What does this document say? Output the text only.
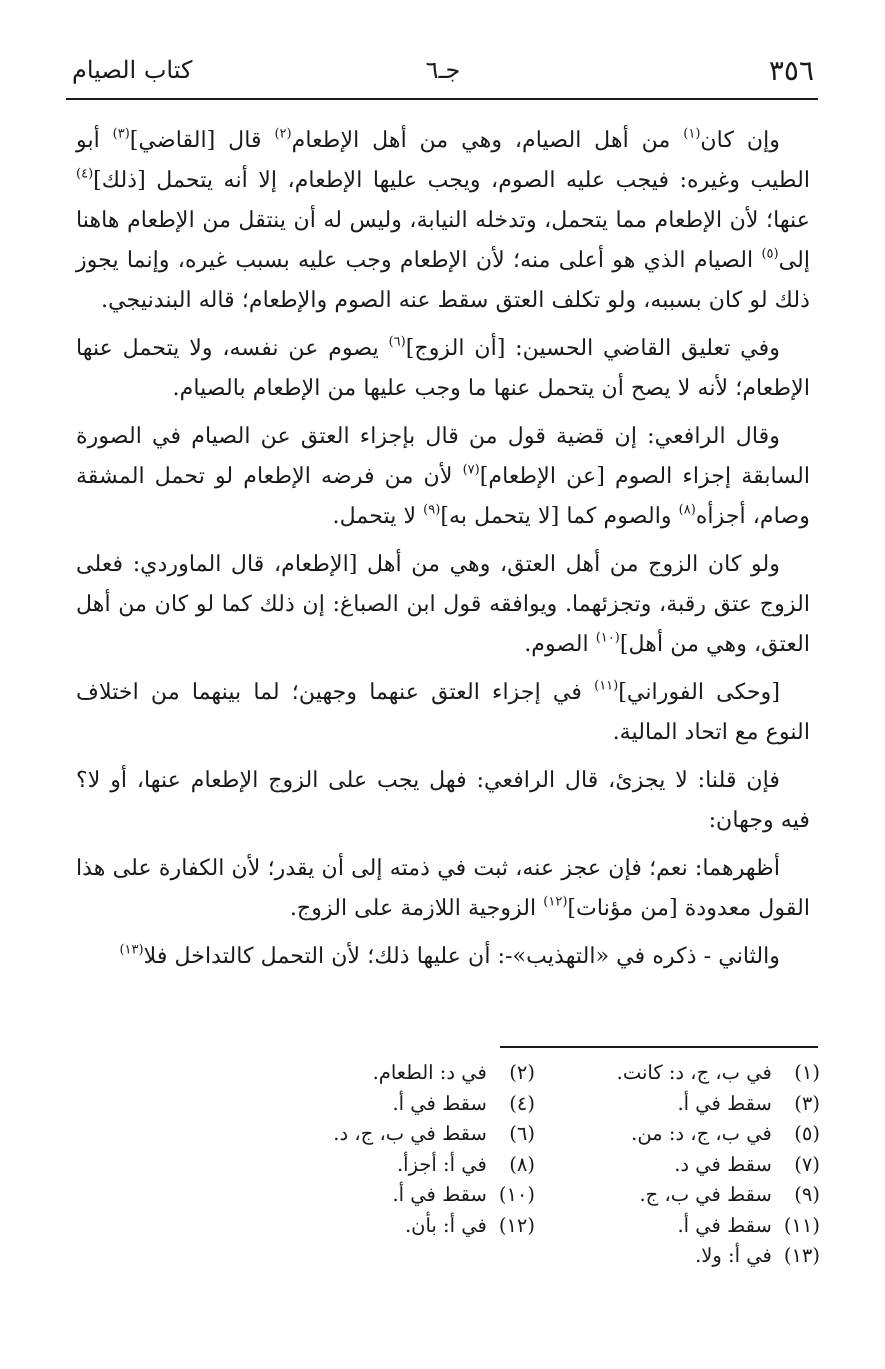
٣٥٦
جـ٦
كتاب الصيام

وإن كان$^{(١)}$ من أهل الصيام، وهي من أهل الإطعام$^{(٢)}$ قال [القاضي]$^{(٣)}$ أبو الطيب وغيره: فيجب عليه الصوم، ويجب عليها الإطعام، إلا أنه يتحمل [ذلك]$^{(٤)}$ عنها؛ لأن الإطعام مما يتحمل، وتدخله النيابة، وليس له أن ينتقل من الإطعام هاهنا إلى$^{(٥)}$ الصيام الذي هو أعلى منه؛ لأن الإطعام وجب عليه بسبب غيره، وإنما يجوز ذلك لو كان بسببه، ولو تكلف العتق سقط عنه الصوم والإطعام؛ قاله البندنيجي.

وفي تعليق القاضي الحسين: [أن الزوج]$^{(٦)}$ يصوم عن نفسه، ولا يتحمل عنها الإطعام؛ لأنه لا يصح أن يتحمل عنها ما وجب عليها من الإطعام بالصيام.

وقال الرافعي: إن قضية قول من قال بإجزاء العتق عن الصيام في الصورة السابقة إجزاء الصوم [عن الإطعام]$^{(٧)}$ لأن من فرضه الإطعام لو تحمل المشقة وصام، أجزأه$^{(٨)}$ والصوم كما [لا يتحمل به]$^{(٩)}$ لا يتحمل.

ولو كان الزوج من أهل العتق، وهي من أهل [الإطعام، قال الماوردي: فعلى الزوج عتق رقبة، وتجزئهما. ويوافقه قول ابن الصباغ: إن ذلك كما لو كان من أهل العتق، وهي من أهل]$^{(١٠)}$ الصوم.

[وحكى الفوراني]$^{(١١)}$ في إجزاء العتق عنهما وجهين؛ لما بينهما من اختلاف النوع مع اتحاد المالية.

فإن قلنا: لا يجزئ، قال الرافعي: فهل يجب على الزوج الإطعام عنها، أو لا؟ فيه وجهان:

أظهرهما: نعم؛ فإن عجز عنه، ثبت في ذمته إلى أن يقدر؛ لأن الكفارة على هذا القول معدودة [من مؤنات]$^{(١٢)}$ الزوجية اللازمة على الزوج.

والثاني - ذكره في «التهذيب»-: أن عليها ذلك؛ لأن التحمل كالتداخل فلا$^{(١٣)}$

(١) في ب، ج، د: كانت.
(٢) في د: الطعام.
(٣) سقط في أ.
(٤) سقط في أ.
(٥) في ب، ج، د: من.
(٦) سقط في ب، ج، د.
(٧) سقط في د.
(٨) في أ: أجزأ.
(٩) سقط في ب، ج.
(١٠) سقط في أ.
(١١) سقط في أ.
(١٢) في أ: بأن.
(١٣) في أ: ولا.
